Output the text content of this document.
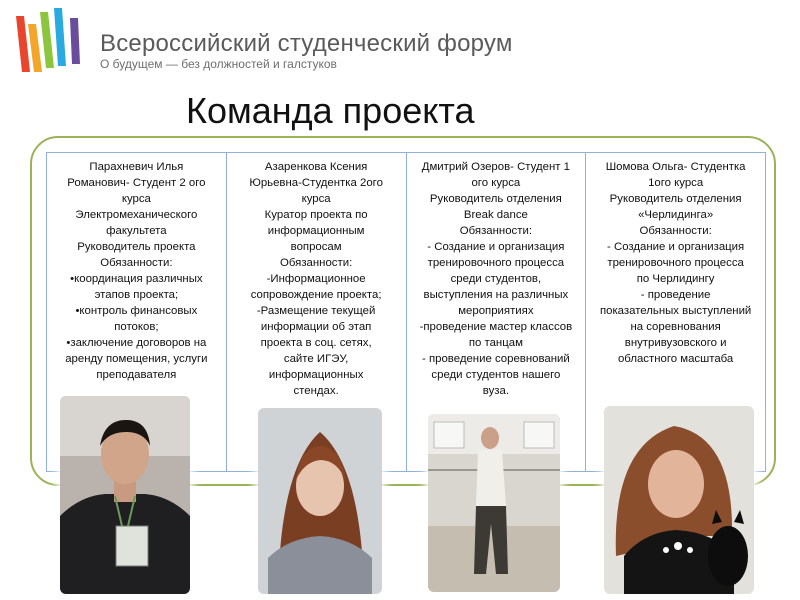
Всероссийский студенческий форум
О будущем — без должностей и галстуков
Команда проекта
Парахневич Илья
Романович- Студент 2 ого
курса
Электромеханического
факультета
Руководитель проекта
Обязанности:
•координация различных
этапов проекта;
•контроль финансовых
потоков;
•заключение договоров на
аренду помещения, услуги
преподавателя
Азаренкова Ксения
Юрьевна-Студентка 2ого
курса
Куратор проекта по
информационным
вопросам
Обязанности:
-Информационное
сопровождение проекта;
-Размещение текущей
информации об этап
проекта в соц. сетях,
сайте ИГЭУ,
информационных
стендах.
Дмитрий Озеров- Студент 1
ого курса
Руководитель отделения
Break dance
Обязанности:
- Создание и организация
тренировочного процесса
среди студентов,
выступления на различных
мероприятиях
-проведение мастер классов
по танцам
- проведение соревнований
среди студентов нашего
вуза.
Шомова Ольга- Студентка
1ого курса
Руководитель отделения
«Черлидинга»
Обязанности:
- Создание и организация
тренировочного процесса
по Черлидингу
- проведение
показательных выступлений
на соревнования
внутривузовского и
областного масштаба
